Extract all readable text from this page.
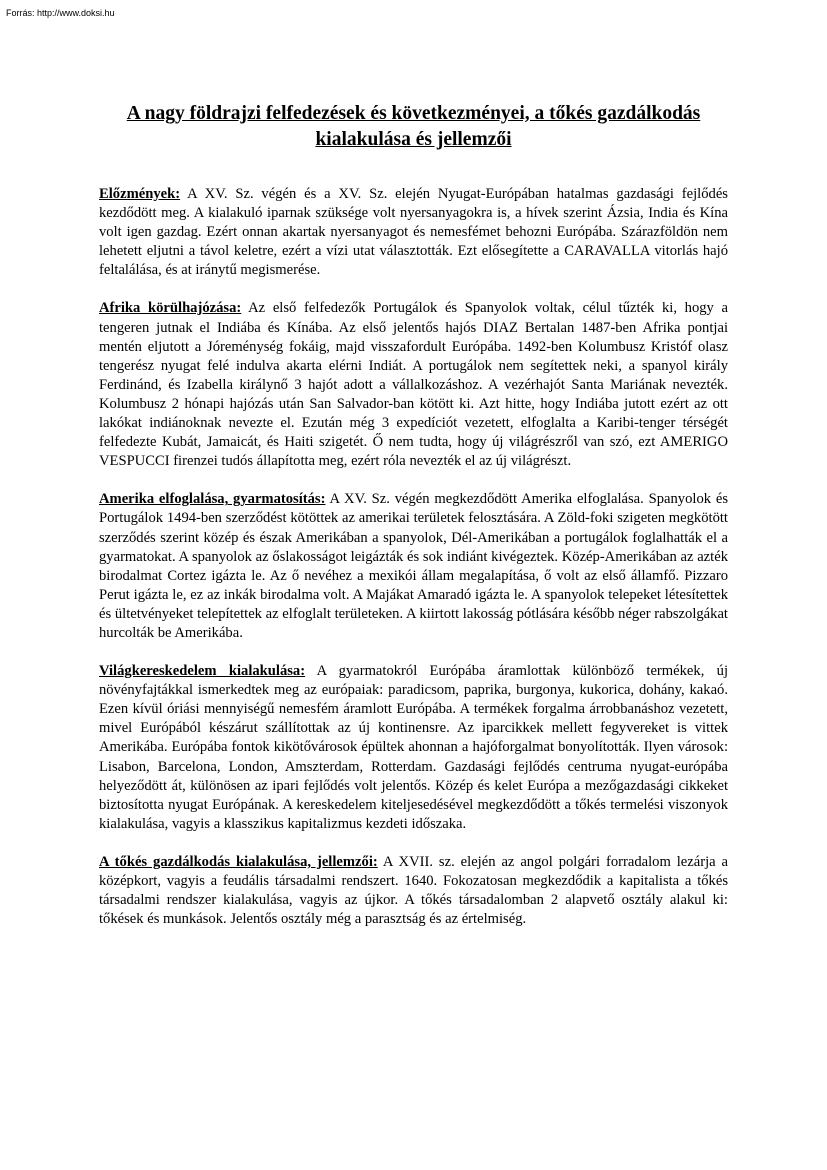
Forrás: http://www.doksi.hu
A nagy földrajzi felfedezések és következményei, a tőkés gazdálkodás kialakulása és jellemzői

Előzmények: A XV. Sz. végén és a XV. Sz. elején Nyugat-Európában hatalmas gazdasági fejlődés kezdődött meg. A kialakuló iparnak szüksége volt nyersanyagokra is, a hívek szerint Ázsia, India és Kína volt igen gazdag. Ezért onnan akartak nyersanyagot és nemesfémet behozni Európába. Szárazföldön nem lehetett eljutni a távol keletre, ezért a vízi utat választották. Ezt elősegítette a CARAVALLA vitorlás hajó feltalálása, és at iránytű megismerése.

Afrika körülhajózása: Az első felfedezők Portugálok és Spanyolok voltak, célul tűzték ki, hogy a tengeren jutnak el Indiába és Kínába. Az első jelentős hajós DIAZ Bertalan 1487-ben Afrika pontjai mentén eljutott a Jóreménység fokáig, majd visszafordult Európába. 1492-ben Kolumbusz Kristóf olasz tengerész nyugat felé indulva akarta elérni Indiát. A portugálok nem segítettek neki, a spanyol király Ferdinánd, és Izabella királynő 3 hajót adott a vállalkozáshoz. A vezérhajót Santa Mariának nevezték. Kolumbusz 2 hónapi hajózás után San Salvador-ban kötött ki. Azt hitte, hogy Indiába jutott ezért az ott lakókat indiánoknak nevezte el. Ezután még 3 expedíciót vezetett, elfoglalta a Karibi-tenger térségét felfedezte Kubát, Jamaicát, és Haiti szigetét. Ő nem tudta, hogy új világrészről van szó, ezt AMERIGO VESPUCCI firenzei tudós állapította meg, ezért róla nevezték el az új világrészt.

Amerika elfoglalása, gyarmatosítás: A XV. Sz. végén megkezdődött Amerika elfoglalása. Spanyolok és Portugálok 1494-ben szerződést kötöttek az amerikai területek felosztására. A Zöld-foki szigeten megkötött szerződés szerint közép és észak Amerikában a spanyolok, Dél-Amerikában a portugálok foglalhatták el a gyarmatokat. A spanyolok az őslakosságot leigázták és sok indiánt kivégeztek. Közép-Amerikában az azték birodalmat Cortez igázta le. Az ő nevéhez a mexikói állam megalapítása, ő volt az első államfő. Pizzaro Perut igázta le, ez az inkák birodalma volt. A Majákat Amaradó igázta le. A spanyolok telepeket létesítettek és ültetvényeket telepítettek az elfoglalt területeken. A kiirtott lakosság pótlására később néger rabszolgákat hurcolták be Amerikába.

Világkereskedelem kialakulása: A gyarmatokról Európába áramlottak különböző termékek, új növényfajtákkal ismerkedtek meg az európaiak: paradicsom, paprika, burgonya, kukorica, dohány, kakaó. Ezen kívül óriási mennyiségű nemesfém áramlott Európába. A termékek forgalma árrobbanáshoz vezetett, mivel Európából készárut szállítottak az új kontinensre. Az iparcikkek mellett fegyvereket is vittek Amerikába. Európába fontok kikötővárosok épültek ahonnan a hajóforgalmat bonyolították. Ilyen városok: Lisabon, Barcelona, London, Amszterdam, Rotterdam. Gazdasági fejlődés centruma nyugat-európába helyeződött át, különösen az ipari fejlődés volt jelentős. Közép és kelet Európa a mezőgazdasági cikkeket biztosította nyugat Európának. A kereskedelem kiteljesedésével megkezdődött a tőkés termelési viszonyok kialakulása, vagyis a klasszikus kapitalizmus kezdeti időszaka.

A tőkés gazdálkodás kialakulása, jellemzői: A XVII. sz. elején az angol polgári forradalom lezárja a középkort, vagyis a feudális társadalmi rendszert. 1640. Fokozatosan megkezdődik a kapitalista a tőkés társadalmi rendszer kialakulása, vagyis az újkor. A tőkés társadalomban 2 alapvető osztály alakul ki: tőkések és munkások. Jelentős osztály még a parasztság és az értelmiség.
